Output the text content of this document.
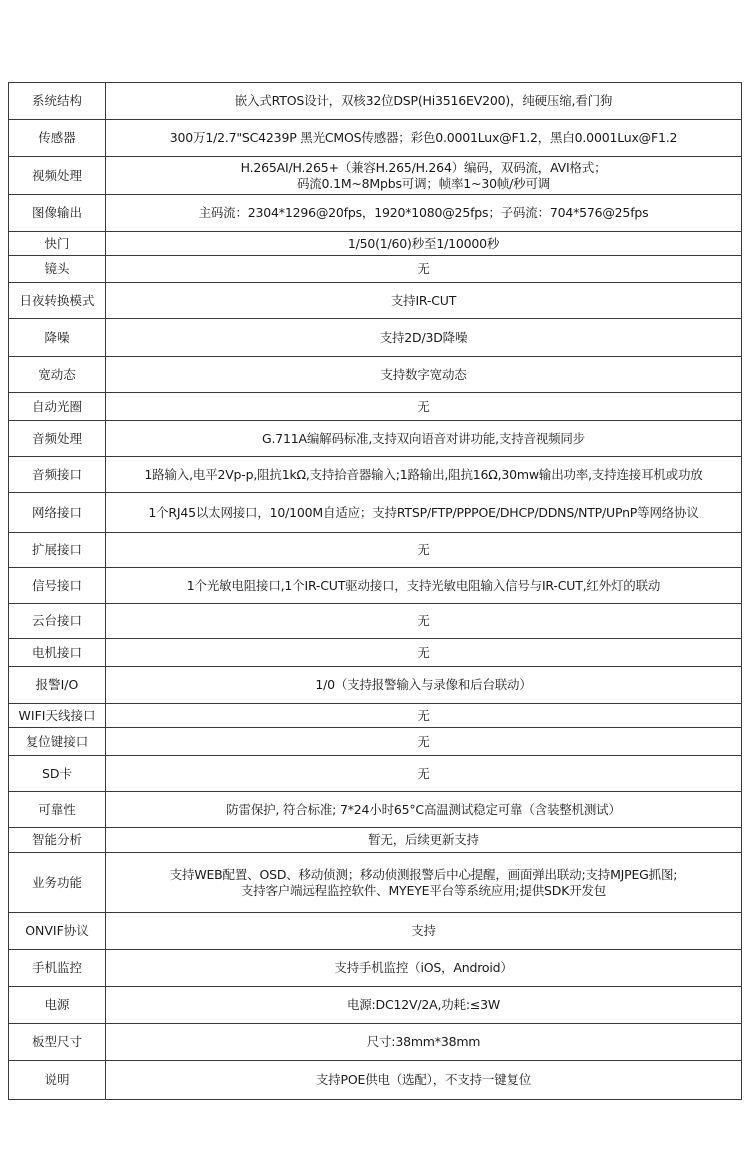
系统结构	嵌入式RTOS设计，双核32位DSP(Hi3516EV200)，纯硬压缩,看门狗

传感器	300万1/2.7"SC4239P 黑光CMOS传感器；彩色0.0001Lux@F1.2，黑白0.0001Lux@F1.2

视频处理	H.265AI/H.265+（兼容H.265/H.264）编码，双码流，AVI格式；
码流0.1M~8Mpbs可调；帧率1~30帧/秒可调

图像输出	主码流：2304*1296@20fps，1920*1080@25fps；子码流：704*576@25fps

快门	1/50(1/60)秒至1/10000秒

镜头	无

日夜转换模式	支持IR-CUT

降噪	支持2D/3D降噪

宽动态	支持数字宽动态

自动光圈	无

音频处理	G.711A编解码标准,支持双向语音对讲功能,支持音视频同步

音频接口	1路输入,电平2Vp-p,阻抗1kΩ,支持拾音器输入;1路输出,阻抗16Ω,30mw输出功率,支持连接耳机或功放

网络接口	1个RJ45以太网接口，10/100M自适应；支持RTSP/FTP/PPPOE/DHCP/DDNS/NTP/UPnP等网络协议

扩展接口	无

信号接口	1个光敏电阻接口,1个IR-CUT驱动接口，支持光敏电阻输入信号与IR-CUT,红外灯的联动

云台接口	无

电机接口	无

报警I/O	1/0（支持报警输入与录像和后台联动）

WIFI天线接口	无

复位键接口	无

SD卡	无

可靠性	防雷保护, 符合标准; 7*24小时65°C高温测试稳定可靠（含装整机测试）

智能分析	暂无，后续更新支持

业务功能	支持WEB配置、OSD、移动侦测；移动侦测报警后中心提醒，画面弹出联动;支持MJPEG抓图;
支持客户端远程监控软件、MYEYE平台等系统应用;提供SDK开发包

ONVIF协议	支持

手机监控	支持手机监控（iOS，Android）

电源	电源:DC12V/2A,功耗:≤3W

板型尺寸	尺寸:38mm*38mm

说明	支持POE供电（选配），不支持一键复位
